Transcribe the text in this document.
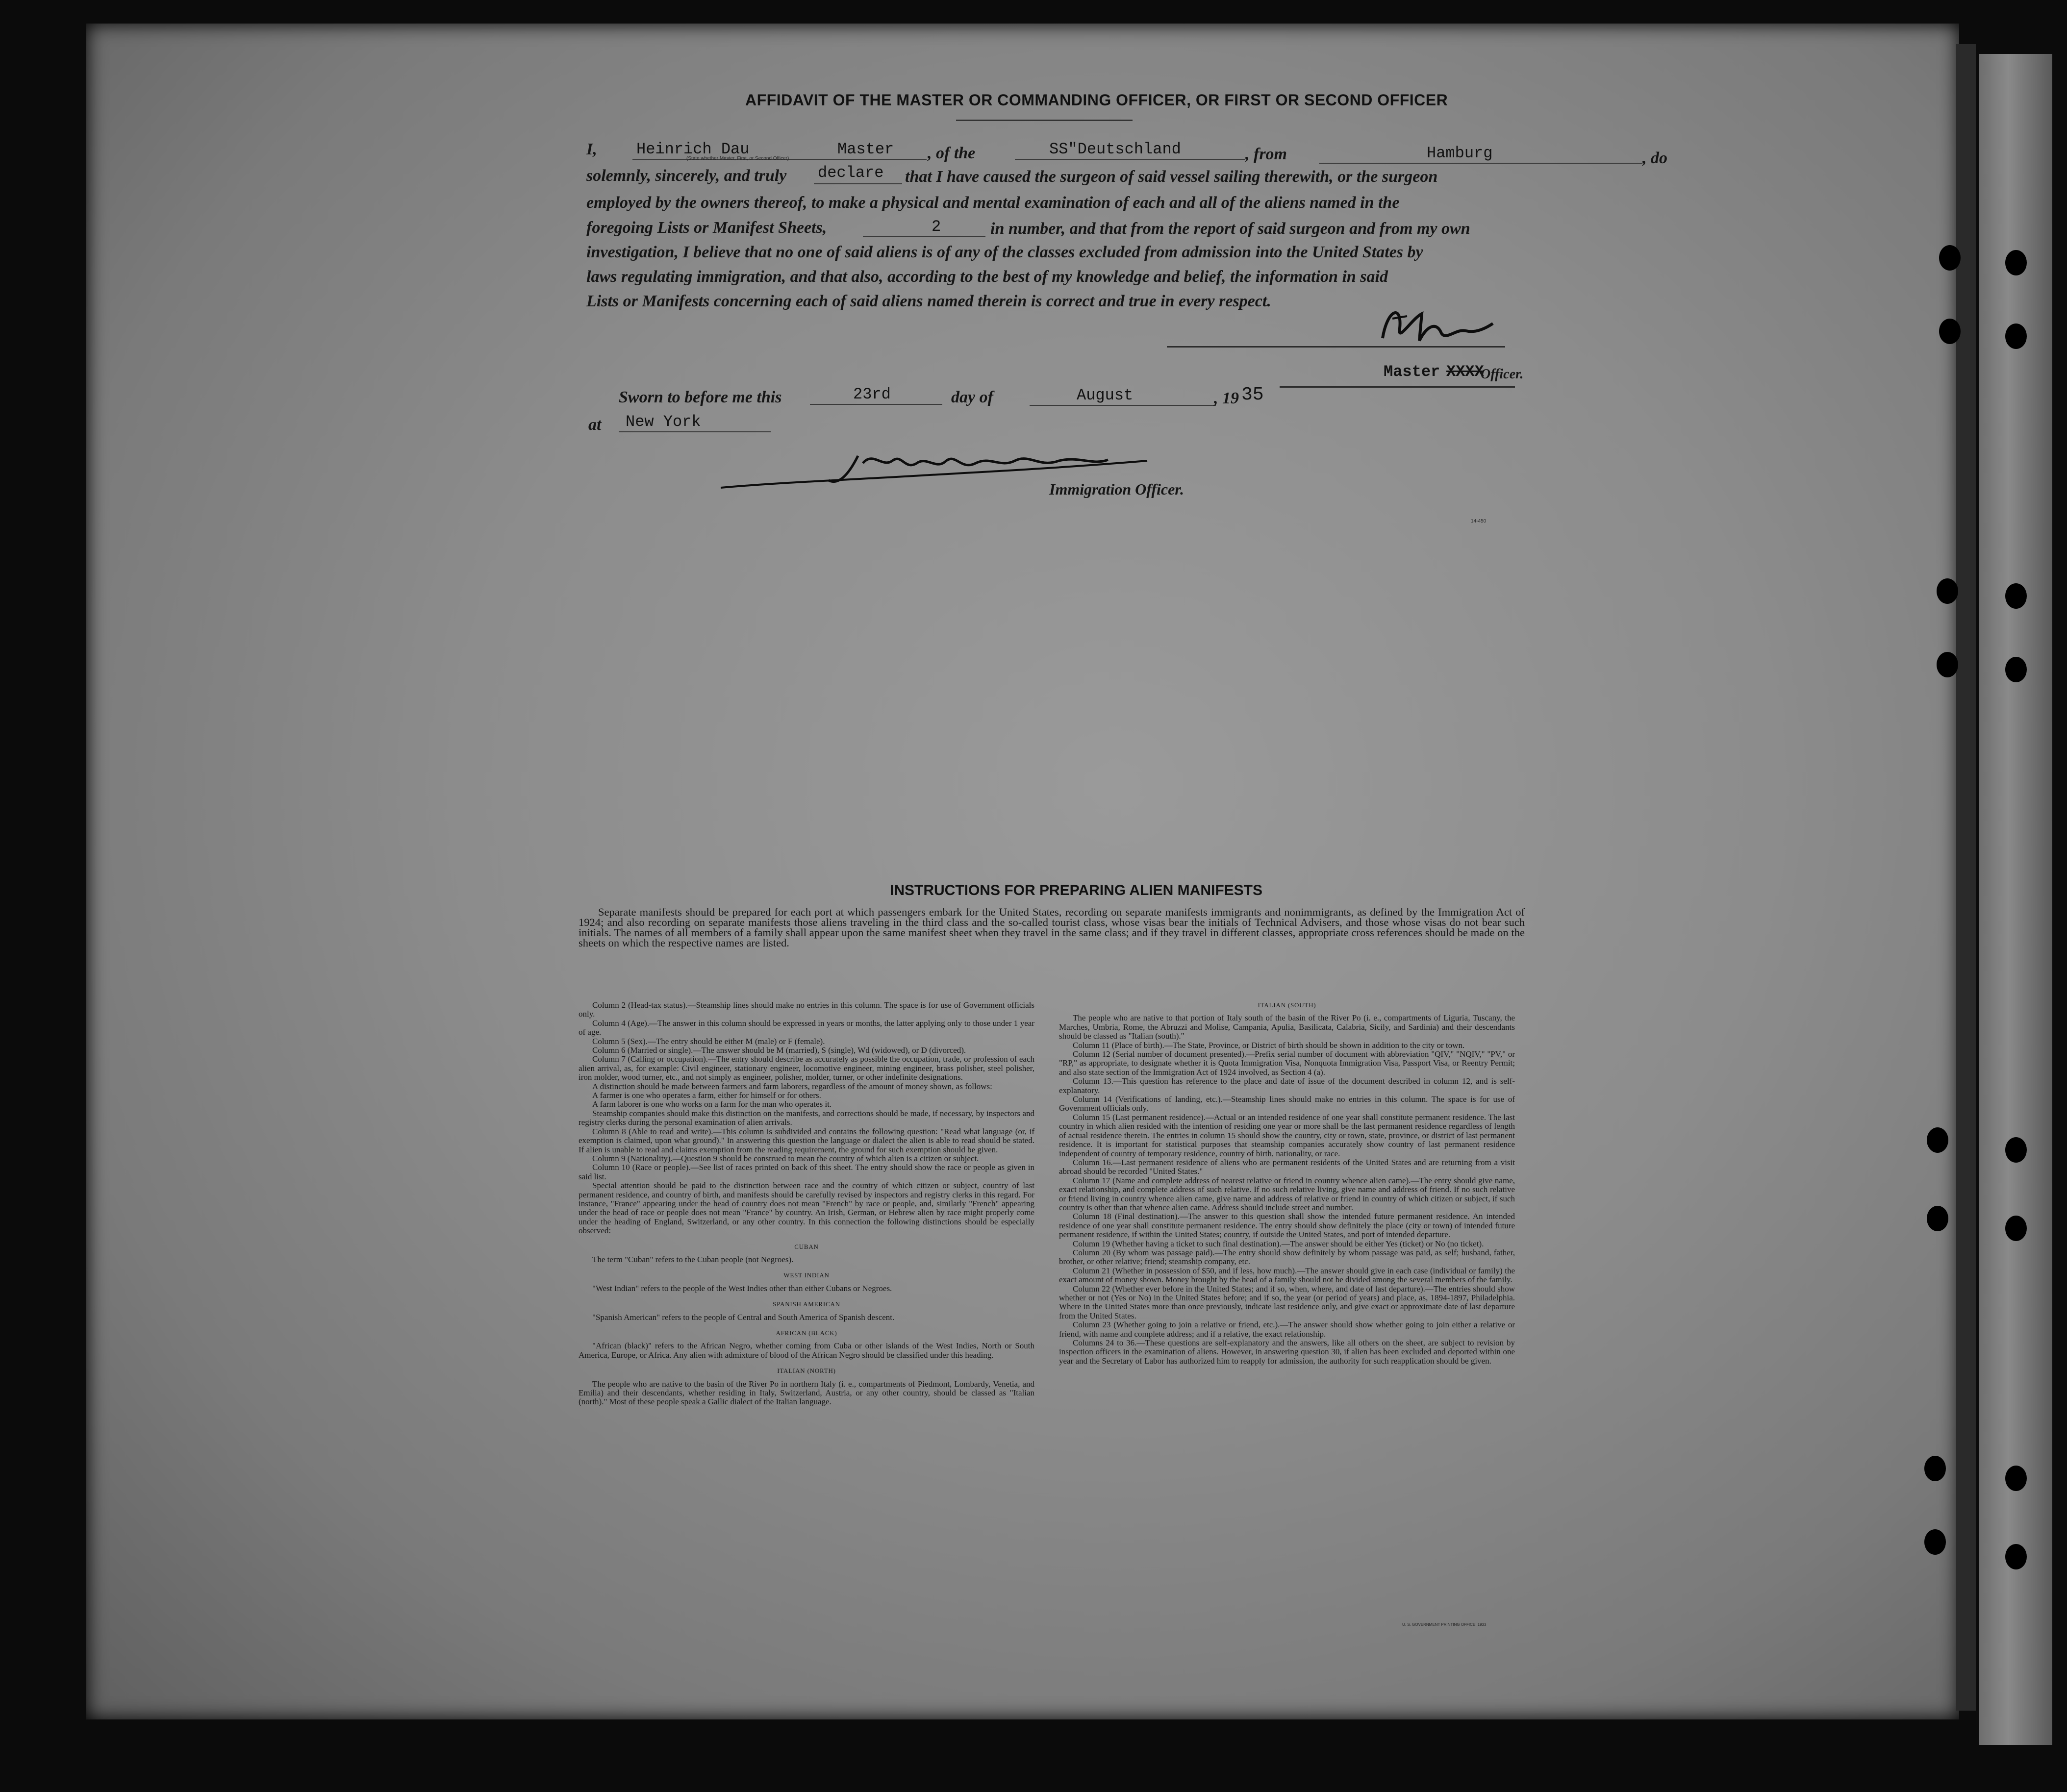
AFFIDAVIT OF THE MASTER OR COMMANDING OFFICER, OR FIRST OR SECOND OFFICER
I,	Heinrich Dau	Master
(State whether Master, First, or Second Officer)	, of the	SS"Deutschland	, from	Hamburg	, do
solemnly, sincerely, and truly declare that I have caused the surgeon of said vessel sailing therewith, or the surgeon
employed by the owners thereof, to make a physical and mental examination of each and all of the aliens named in the
foregoing Lists or Manifest Sheets,	2	in number, and that from the report of said surgeon and from my own
investigation, I believe that no one of said aliens is of any of the classes excluded from admission into the United States by
laws regulating immigration, and that also, according to the best of my knowledge and belief, the information in said
Lists or Manifests concerning each of said aliens named therein is correct and true in every respect.
Master XXXX
Officer.
Sworn to before me this	23rd	day of	August	, 19 35
at New York
Immigration Officer.
14-450
INSTRUCTIONS FOR PREPARING ALIEN MANIFESTS
Separate manifests should be prepared for each port at which passengers embark for the United States, recording on separate manifests immigrants and nonimmigrants, as defined by the Immigration Act of 1924; and also recording on separate manifests those aliens traveling in the third class and the so-called tourist class, whose visas bear the initials of Technical Advisers, and those whose visas do not bear such initials. The names of all members of a family shall appear upon the same manifest sheet when they travel in the same class; and if they travel in different classes, appropriate cross references should be made on the sheets on which the respective names are listed.

Column 2 (Head-tax status).—Steamship lines should make no entries in this column. The space is for use of Government officials only.

Column 4 (Age).—The answer in this column should be expressed in years or months, the latter applying only to those under 1 year of age.

Column 5 (Sex).—The entry should be either M (male) or F (female).

Column 6 (Married or single).—The answer should be M (married), S (single), Wd (widowed), or D (divorced).

Column 7 (Calling or occupation).—The entry should describe as accurately as possible the occupation, trade, or profession of each alien arrival, as, for example: Civil engineer, stationary engineer, locomotive engineer, mining engineer, brass polisher, steel polisher, iron molder, wood turner, etc., and not simply as engineer, polisher, molder, turner, or other indefinite designations.

A distinction should be made between farmers and farm laborers, regardless of the amount of money shown, as follows:

A farmer is one who operates a farm, either for himself or for others.

A farm laborer is one who works on a farm for the man who operates it.

Steamship companies should make this distinction on the manifests, and corrections should be made, if necessary, by inspectors and registry clerks during the personal examination of alien arrivals.

Column 8 (Able to read and write).—This column is subdivided and contains the following question: "Read what language (or, if exemption is claimed, upon what ground)." In answering this question the language or dialect the alien is able to read should be stated. If alien is unable to read and claims exemption from the reading requirement, the ground for such exemption should be given.

Column 9 (Nationality).—Question 9 should be construed to mean the country of which alien is a citizen or subject.

Column 10 (Race or people).—See list of races printed on back of this sheet. The entry should show the race or people as given in said list.

Special attention should be paid to the distinction between race and the country of which citizen or subject, country of last permanent residence, and country of birth, and manifests should be carefully revised by inspectors and registry clerks in this regard. For instance, "France" appearing under the head of country does not mean "French" by race or people, and, similarly "French" appearing under the head of race or people does not mean "France" by country. An Irish, German, or Hebrew alien by race might properly come under the heading of England, Switzerland, or any other country. In this connection the following distinctions should be especially observed:

CUBAN

The term "Cuban" refers to the Cuban people (not Negroes).

WEST INDIAN

"West Indian" refers to the people of the West Indies other than either Cubans or Negroes.

SPANISH AMERICAN

"Spanish American" refers to the people of Central and South America of Spanish descent.

AFRICAN (BLACK)

"African (black)" refers to the African Negro, whether coming from Cuba or other islands of the West Indies, North or South America, Europe, or Africa. Any alien with admixture of blood of the African Negro should be classified under this heading.

ITALIAN (NORTH)

The people who are native to the basin of the River Po in northern Italy (i. e., compartments of Piedmont, Lombardy, Venetia, and Emilia) and their descendants, whether residing in Italy, Switzerland, Austria, or any other country, should be classed as "Italian (north)." Most of these people speak a Gallic dialect of the Italian language.

ITALIAN (SOUTH)

The people who are native to that portion of Italy south of the basin of the River Po (i. e., compartments of Liguria, Tuscany, the Marches, Umbria, Rome, the Abruzzi and Molise, Campania, Apulia, Basilicata, Calabria, Sicily, and Sardinia) and their descendants should be classed as "Italian (south)."

Column 11 (Place of birth).—The State, Province, or District of birth should be shown in addition to the city or town.

Column 12 (Serial number of document presented).—Prefix serial number of document with abbreviation "QIV," "NQIV," "PV," or "RP," as appropriate, to designate whether it is Quota Immigration Visa, Nonquota Immigration Visa, Passport Visa, or Reentry Permit; and also state section of the Immigration Act of 1924 involved, as Section 4 (a).

Column 13.—This question has reference to the place and date of issue of the document described in column 12, and is self-explanatory.

Column 14 (Verifications of landing, etc.).—Steamship lines should make no entries in this column. The space is for use of Government officials only.

Column 15 (Last permanent residence).—Actual or an intended residence of one year shall constitute permanent residence. The last country in which alien resided with the intention of residing one year or more shall be the last permanent residence regardless of length of actual residence therein. The entries in column 15 should show the country, city or town, state, province, or district of last permanent residence. It is important for statistical purposes that steamship companies accurately show country of last permanent residence independent of country of temporary residence, country of birth, nationality, or race.

Column 16.—Last permanent residence of aliens who are permanent residents of the United States and are returning from a visit abroad should be recorded "United States."

Column 17 (Name and complete address of nearest relative or friend in country whence alien came).—The entry should give name, exact relationship, and complete address of such relative. If no such relative living, give name and address of friend. If no such relative or friend living in country whence alien came, give name and address of relative or friend in country of which citizen or subject, if such country is other than that whence alien came. Address should include street and number.

Column 18 (Final destination).—The answer to this question shall show the intended future permanent residence. An intended residence of one year shall constitute permanent residence. The entry should show definitely the place (city or town) of intended future permanent residence, if within the United States; country, if outside the United States, and port of intended departure.

Column 19 (Whether having a ticket to such final destination).—The answer should be either Yes (ticket) or No (no ticket).

Column 20 (By whom was passage paid).—The entry should show definitely by whom passage was paid, as self; husband, father, brother, or other relative; friend; steamship company, etc.

Column 21 (Whether in possession of $50, and if less, how much).—The answer should give in each case (individual or family) the exact amount of money shown. Money brought by the head of a family should not be divided among the several members of the family.

Column 22 (Whether ever before in the United States; and if so, when, where, and date of last departure).—The entries should show whether or not (Yes or No) in the United States before; and if so, the year (or period of years) and place, as, 1894-1897, Philadelphia. Where in the United States more than once previously, indicate last residence only, and give exact or approximate date of last departure from the United States.

Column 23 (Whether going to join a relative or friend, etc.).—The answer should show whether going to join either a relative or friend, with name and complete address; and if a relative, the exact relationship.

Columns 24 to 36.—These questions are self-explanatory and the answers, like all others on the sheet, are subject to revision by inspection officers in the examination of aliens. However, in answering question 30, if alien has been excluded and deported within one year and the Secretary of Labor has authorized him to reapply for admission, the authority for such reapplication should be given.

U. S. GOVERNMENT PRINTING OFFICE: 1933
